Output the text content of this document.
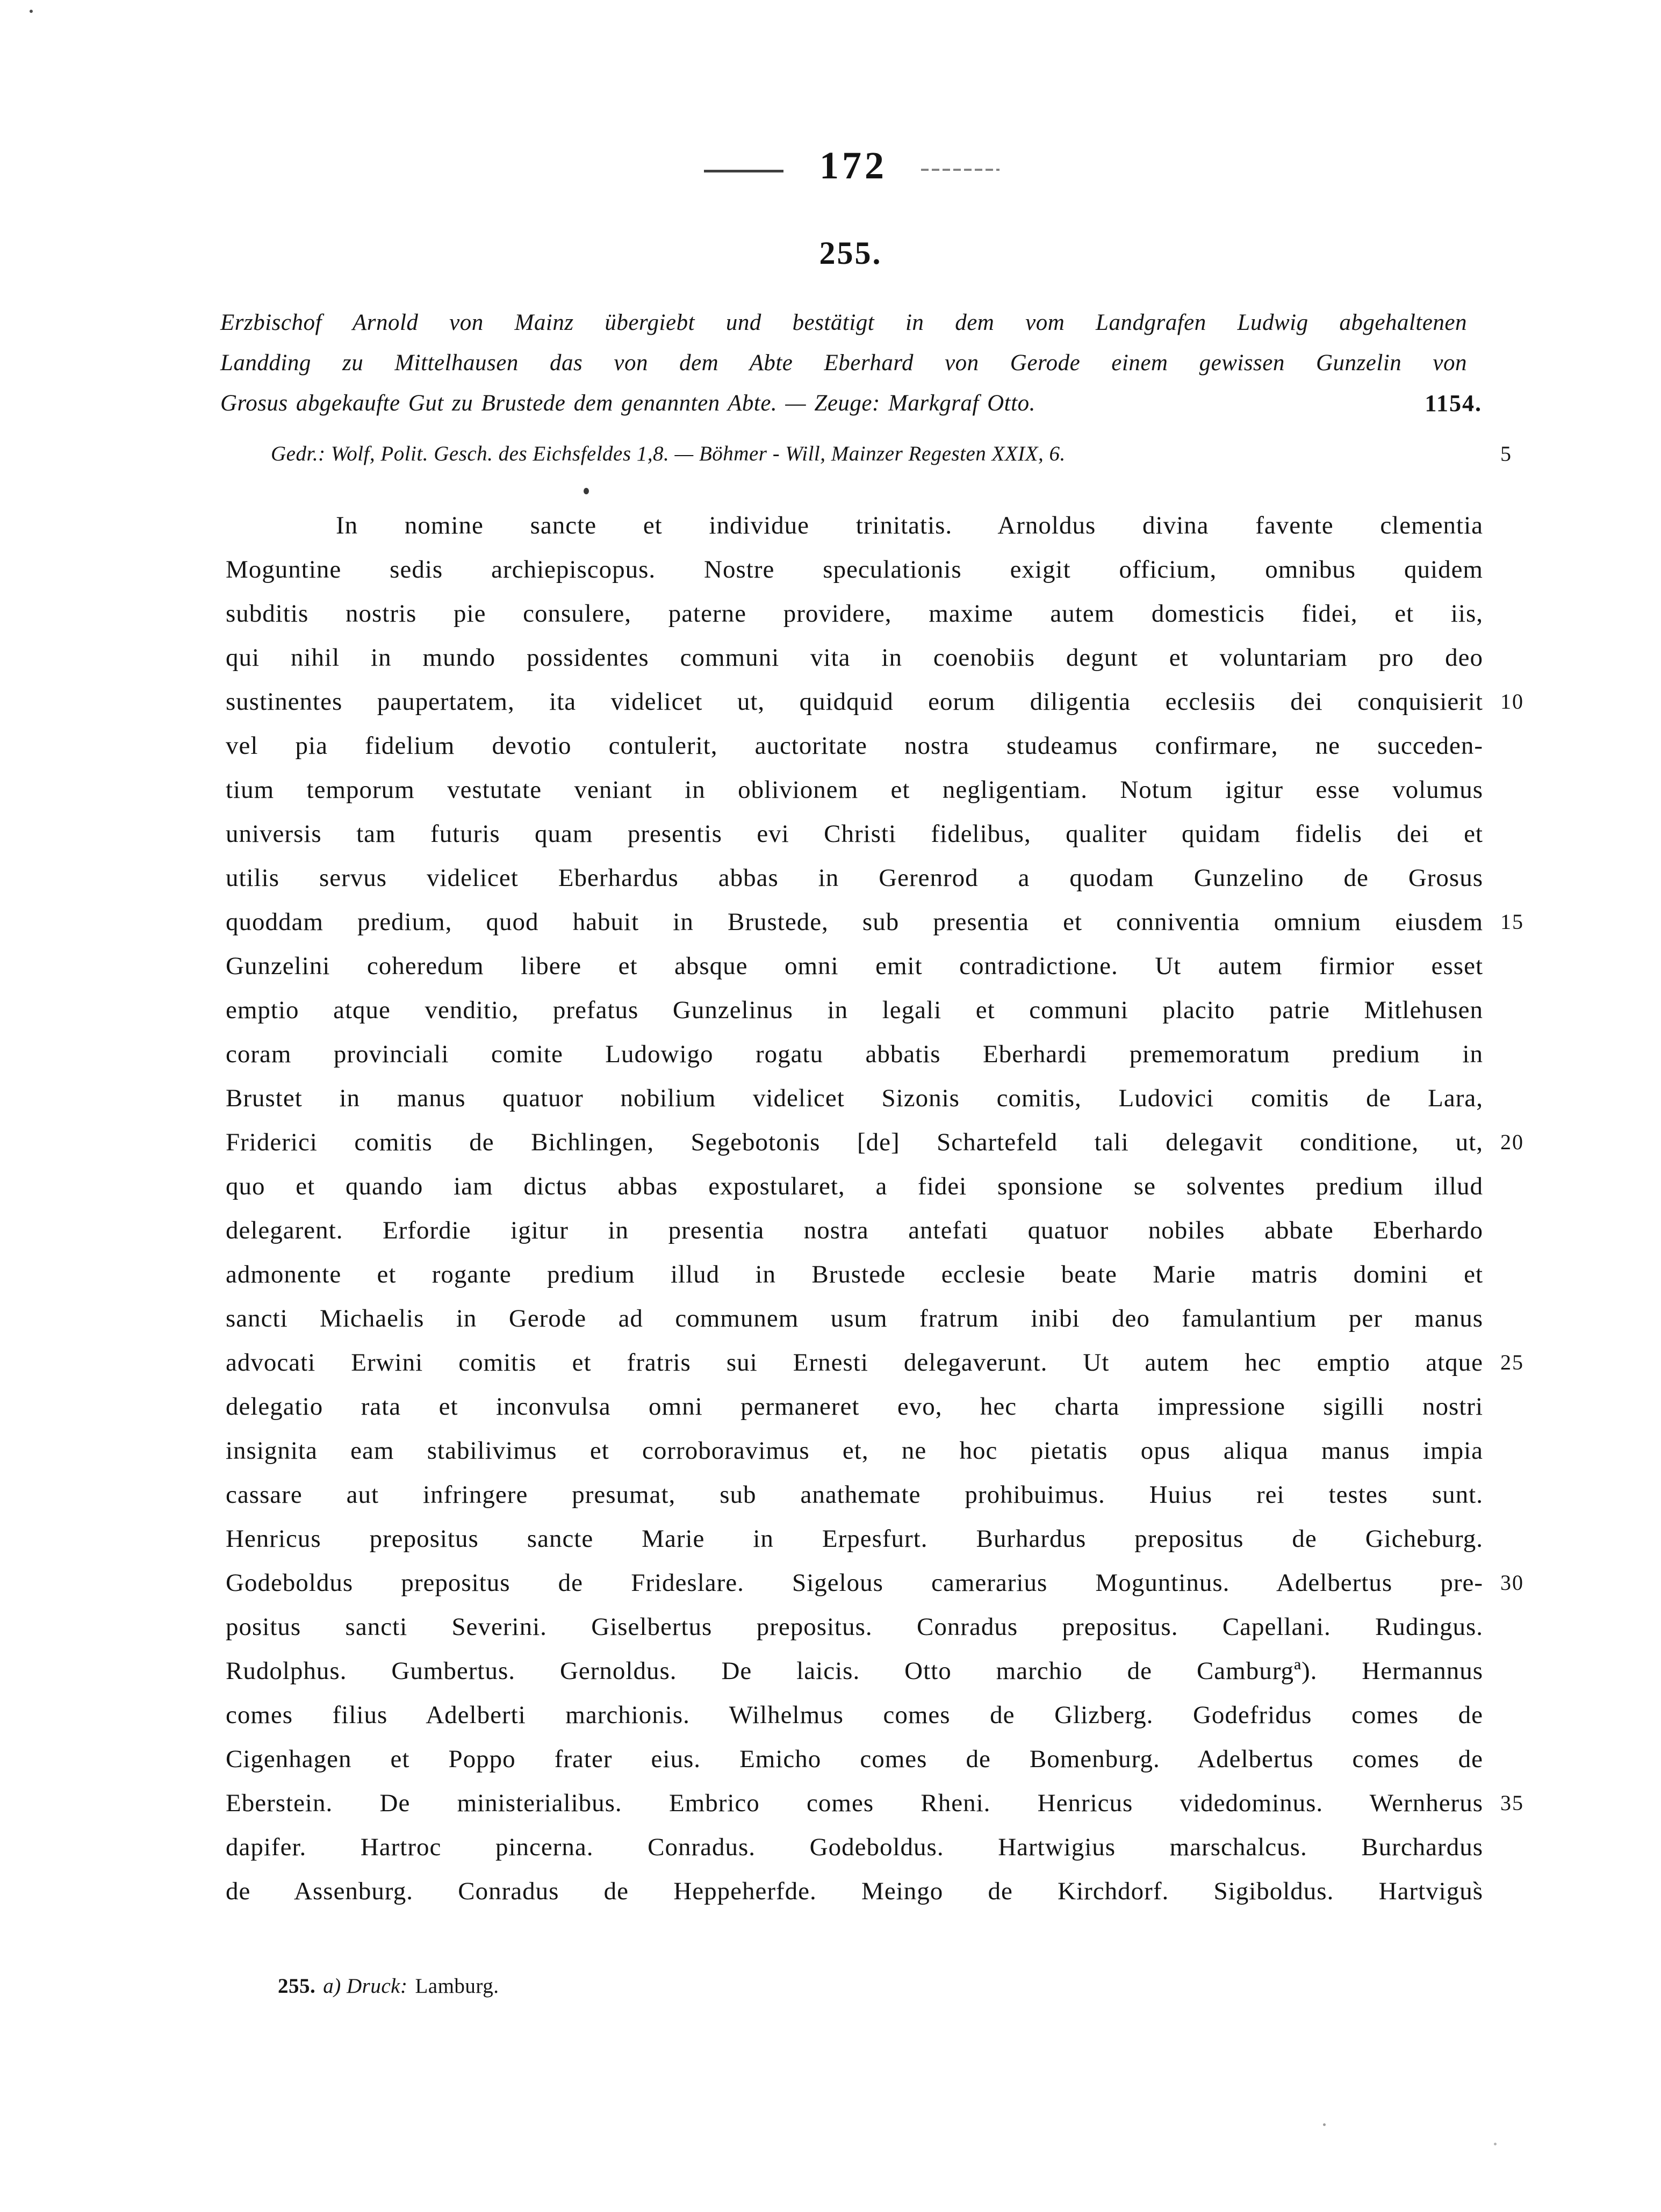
172
255.
Erzbischof Arnold von Mainz übergiebt und bestätigt in dem vom Landgrafen Ludwig abgehaltenen
Landding zu Mittelhausen das von dem Abte Eberhard von Gerode einem gewissen Gunzelin von
Grosus abgekaufte Gut zu Brustede dem genannten Abte. — Zeuge: Markgraf Otto.	1154.
Gedr.: Wolf, Polit. Gesch. des Eichsfeldes 1,8. — Böhmer - Will, Mainzer Regesten XXIX, 6.	5
In nomine sancte et individue trinitatis. Arnoldus divina favente clementia
Moguntine sedis archiepiscopus. Nostre speculationis exigit officium, omnibus quidem
subditis nostris pie consulere, paterne providere, maxime autem domesticis fidei, et iis,
qui nihil in mundo possidentes communi vita in coenobiis degunt et voluntariam pro deo
sustinentes paupertatem, ita videlicet ut, quidquid eorum diligentia ecclesiis dei conquisierit 10
vel pia fidelium devotio contulerit, auctoritate nostra studeamus confirmare, ne succeden-
tium temporum vestutate veniant in oblivionem et negligentiam. Notum igitur esse volumus
universis tam futuris quam presentis evi Christi fidelibus, qualiter quidam fidelis dei et
utilis servus videlicet Eberhardus abbas in Gerenrod a quodam Gunzelino de Grosus
quoddam predium, quod habuit in Brustede, sub presentia et conniventia omnium eiusdem 15
Gunzelini coheredum libere et absque omni emit contradictione. Ut autem firmior esset
emptio atque venditio, prefatus Gunzelinus in legali et communi placito patrie Mitlehusen
coram provinciali comite Ludowigo rogatu abbatis Eberhardi prememoratum predium in
Brustet in manus quatuor nobilium videlicet Sizonis comitis, Ludovici comitis de Lara,
Friderici comitis de Bichlingen, Segebotonis [de] Schartefeld tali delegavit conditione, ut, 20
quo et quando iam dictus abbas expostularet, a fidei sponsione se solventes predium illud
delegarent. Erfordie igitur in presentia nostra antefati quatuor nobiles abbate Eberhardo
admonente et rogante predium illud in Brustede ecclesie beate Marie matris domini et
sancti Michaelis in Gerode ad communem usum fratrum inibi deo famulantium per manus
advocati Erwini comitis et fratris sui Ernesti delegaverunt. Ut autem hec emptio atque 25
delegatio rata et inconvulsa omni permaneret evo, hec charta impressione sigilli nostri
insignita eam stabilivimus et corroboravimus et, ne hoc pietatis opus aliqua manus impia
cassare aut infringere presumat, sub anathemate prohibuimus. Huius rei testes sunt.
Henricus prepositus sancte Marie in Erpesfurt. Burhardus prepositus de Gicheburg.
Godeboldus prepositus de Frideslare. Sigelous camerarius Moguntinus. Adelbertus pre- 30
positus sancti Severini. Giselbertus prepositus. Conradus prepositus. Capellani. Rudingus.
Rudolphus. Gumbertus. Gernoldus. De laicis. Otto marchio de Camburgª). Hermannus
comes filius Adelberti marchionis. Wilhelmus comes de Glizberg. Godefridus comes de
Cigenhagen et Poppo frater eius. Emicho comes de Bomenburg. Adelbertus comes de
Eberstein. De ministerialibus. Embrico comes Rheni. Henricus videdominus. Wernherus 35
dapifer. Hartroc pincerna. Conradus. Godeboldus. Hartwigius marschalcus. Burchardus
de Assenburg. Conradus de Heppeherfde. Meingo de Kirchdorf. Sigiboldus. Hartvigus̀
255. a) Druck: Lamburg.
